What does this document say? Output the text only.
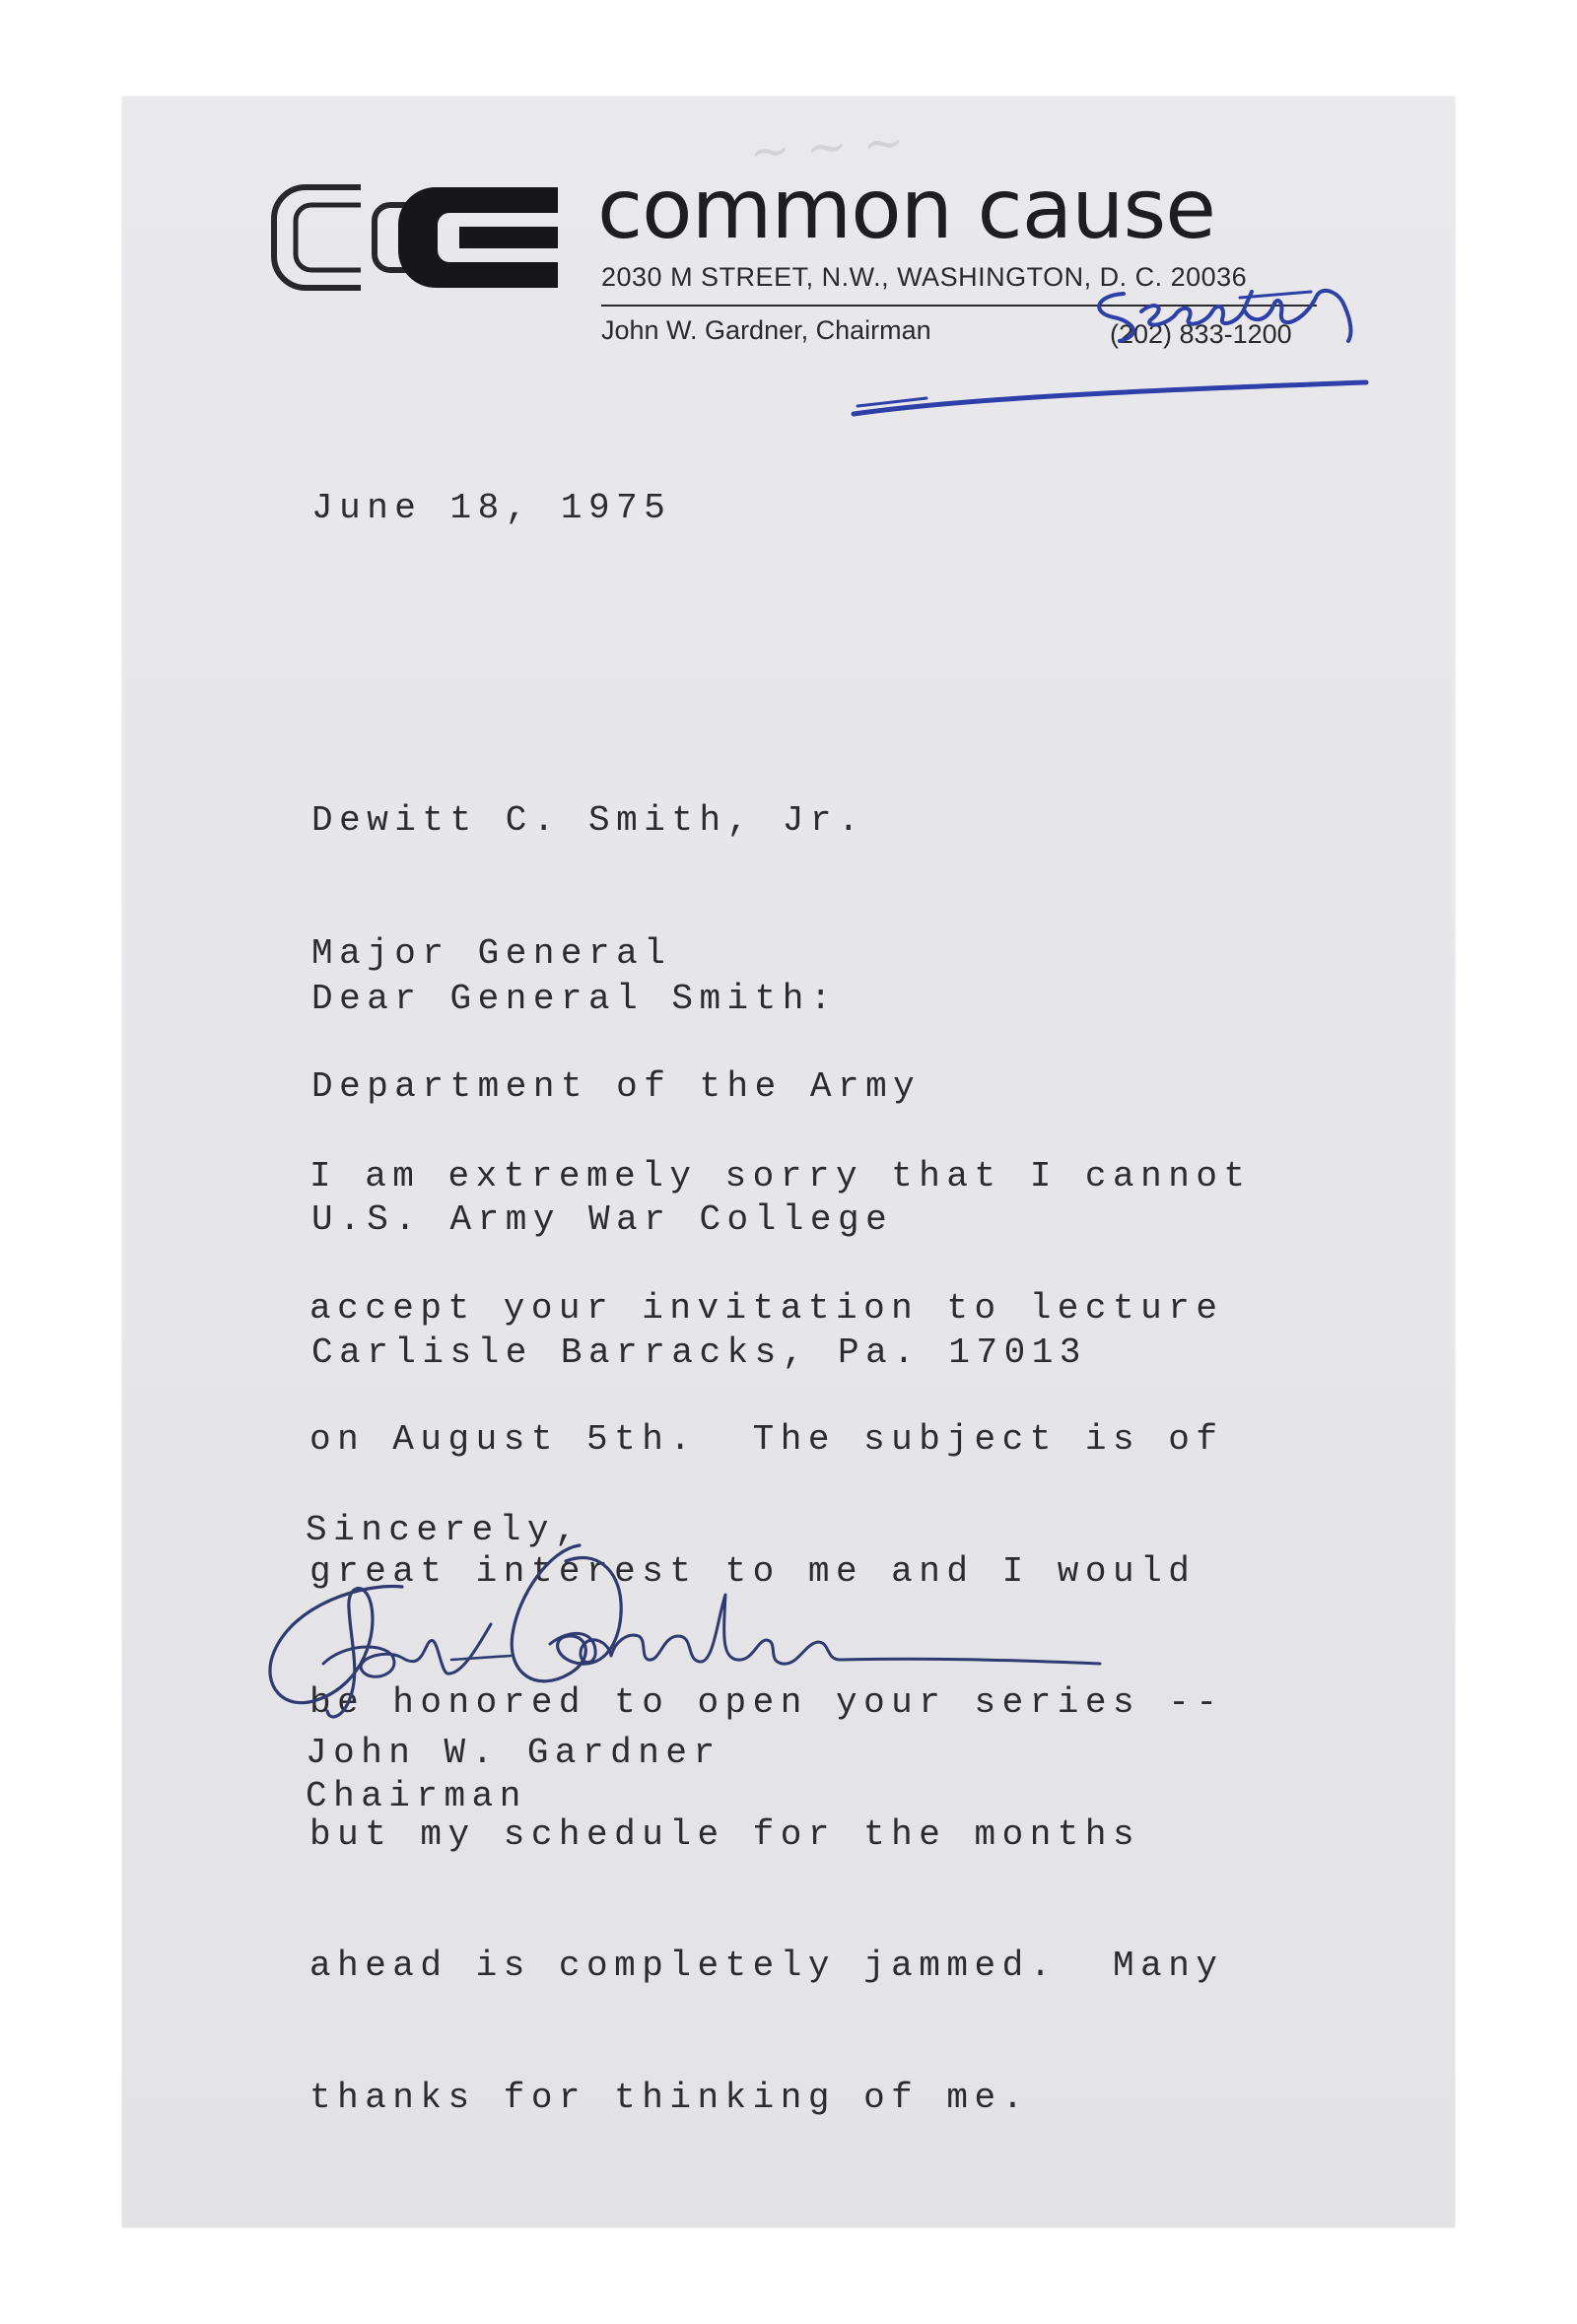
~ ~ ~
common cause
2030 M STREET, N.W., WASHINGTON, D. C. 20036
John W. Gardner, Chairman	(202) 833-1200
June 18, 1975

Dewitt C. Smith, Jr.

Major General

Department of the Army

U.S. Army War College

Carlisle Barracks, Pa. 17013

Dear General Smith:

I am extremely sorry that I cannot

accept your invitation to lecture

on August 5th.  The subject is of

great interest to me and I would

be honored to open your series --

but my schedule for the months

ahead is completely jammed.  Many

thanks for thinking of me.

Sincerely,
John W. Gardner
Chairman
